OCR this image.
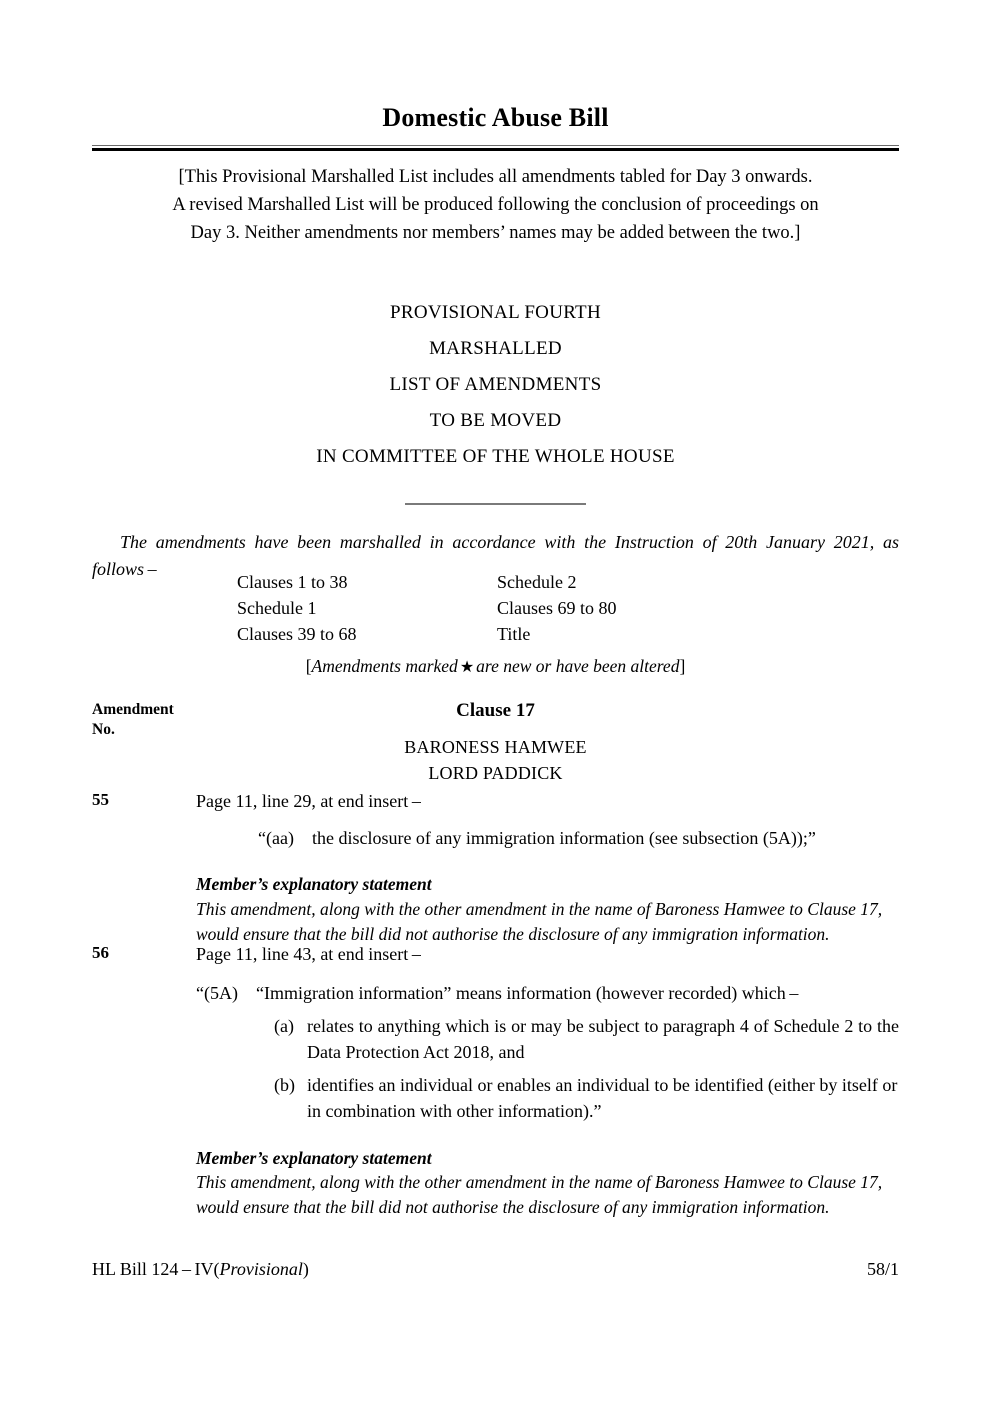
Domestic Abuse Bill
[This Provisional Marshalled List includes all amendments tabled for Day 3 onwards.
A revised Marshalled List will be produced following the conclusion of proceedings on
Day 3. Neither amendments nor members’ names may be added between the two.]
PROVISIONAL FOURTH
MARSHALLED
LIST OF AMENDMENTS
TO BE MOVED
IN COMMITTEE OF THE WHOLE HOUSE
The amendments have been marshalled in accordance with the Instruction of 20th January 2021, as follows –
Clauses 1 to 38	Schedule 2
Schedule 1	Clauses 69 to 80
Clauses 39 to 68	Title
[Amendments marked ★ are new or have been altered]
Amendment
No.
Clause 17
BARONESS HAMWEE
LORD PADDICK
55	Page 11, line 29, at end insert –
“(aa) the disclosure of any immigration information (see subsection (5A));”
Member’s explanatory statement
This amendment, along with the other amendment in the name of Baroness Hamwee to Clause 17, would ensure that the bill did not authorise the disclosure of any immigration information.
56	Page 11, line 43, at end insert –
“(5A) “Immigration information” means information (however recorded) which –
(a) relates to anything which is or may be subject to paragraph 4 of Schedule 2 to the Data Protection Act 2018, and
(b) identifies an individual or enables an individual to be identified (either by itself or in combination with other information).”
Member’s explanatory statement
This amendment, along with the other amendment in the name of Baroness Hamwee to Clause 17, would ensure that the bill did not authorise the disclosure of any immigration information.
HL Bill 124 – IV(Provisional)	58/1
